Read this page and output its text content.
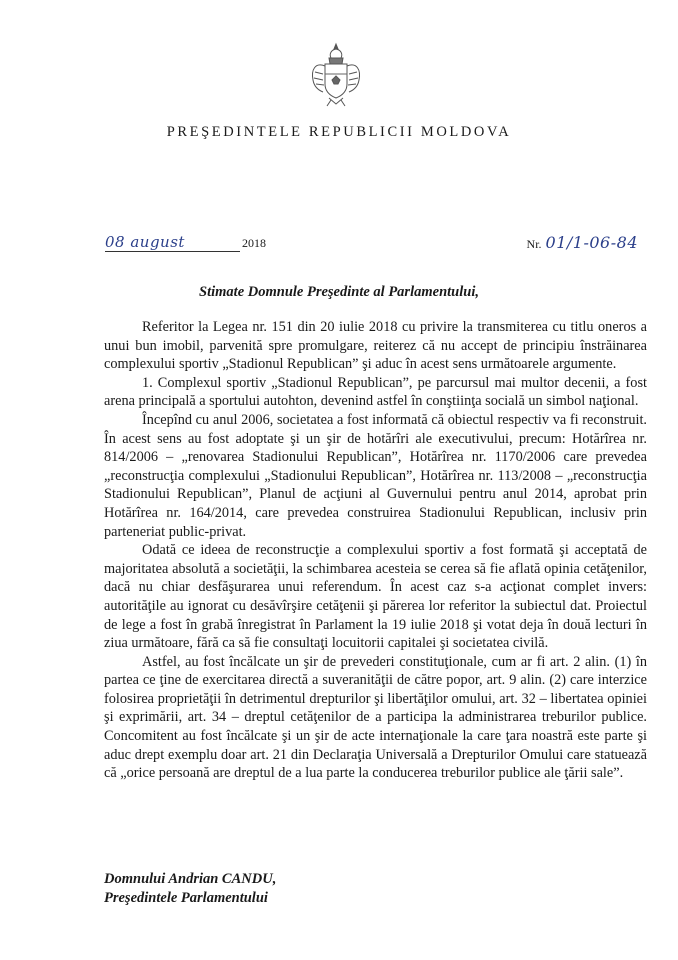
PREŞEDINTELE REPUBLICII MOLDOVA
08 august	2018	Nr. 01/1-06-84
Stimate Domnule Preşedinte al Parlamentului,

Referitor la Legea nr. 151 din 20 iulie 2018 cu privire la transmiterea cu titlu oneros a unui bun imobil, parvenită spre promulgare, reiterez că nu accept de principiu înstrăinarea complexului sportiv „Stadionul Republican” şi aduc în acest sens următoarele argumente.

1. Complexul sportiv „Stadionul Republican”, pe parcursul mai multor decenii, a fost arena principală a sportului autohton, devenind astfel în conştiinţa socială un simbol naţional.

Începînd cu anul 2006, societatea a fost informată că obiectul respectiv va fi reconstruit. În acest sens au fost adoptate şi un şir de hotărîri ale executivului, precum: Hotărîrea nr. 814/2006 – „renovarea Stadionului Republican”, Hotărîrea nr. 1170/2006 care prevedea „reconstrucţia complexului „Stadionului Republican”, Hotărîrea nr. 113/2008 – „reconstrucţia Stadionului Republican”, Planul de acţiuni al Guvernului pentru anul 2014, aprobat prin Hotărîrea nr. 164/2014, care prevedea construirea Stadionului Republican, inclusiv prin parteneriat public-privat.

Odată ce ideea de reconstrucţie a complexului sportiv a fost formată şi acceptată de majoritatea absolută a societăţii, la schimbarea acesteia se cerea să fie aflată opinia cetăţenilor, dacă nu chiar desfăşurarea unui referendum. În acest caz s-a acţionat complet invers: autorităţile au ignorat cu desăvîrşire cetăţenii şi părerea lor referitor la subiectul dat. Proiectul de lege a fost în grabă înregistrat în Parlament la 19 iulie 2018 şi votat deja în două lecturi în ziua următoare, fără ca să fie consultaţi locuitorii capitalei şi societatea civilă.

Astfel, au fost încălcate un şir de prevederi constituţionale, cum ar fi art. 2 alin. (1) în partea ce ţine de exercitarea directă a suveranităţii de către popor, art. 9 alin. (2) care interzice folosirea proprietăţii în detrimentul drepturilor şi libertăţilor omului, art. 32 – libertatea opiniei şi exprimării, art. 34 – dreptul cetăţenilor de a participa la administrarea treburilor publice. Concomitent au fost încălcate şi un şir de acte internaţionale la care ţara noastră este parte şi aduc drept exemplu doar art. 21 din Declaraţia Universală a Drepturilor Omului care statuează că „orice persoană are dreptul de a lua parte la conducerea treburilor publice ale ţării sale”.

Domnului Andrian CANDU,
Preşedintele Parlamentului
